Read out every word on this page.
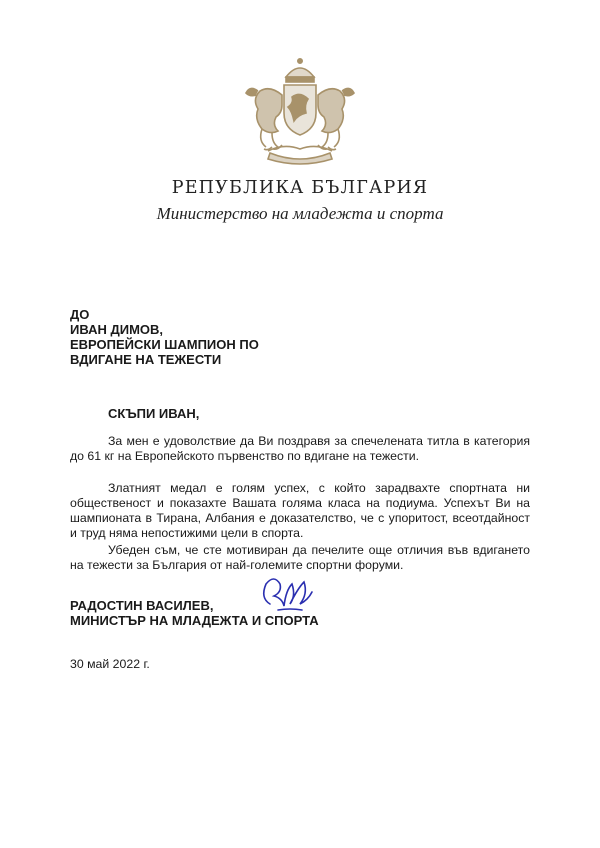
РЕПУБЛИКА БЪЛГАРИЯ
Министерство на младежта и спорта
ДО
ИВАН ДИМОВ,
ЕВРОПЕЙСКИ ШАМПИОН ПО
ВДИГАНЕ НА ТЕЖЕСТИ
СКЪПИ ИВАН,

За мен е удоволствие да Ви поздравя за спечелената титла в категория до 61 кг на Европейското първенство по вдигане на тежести.

Златният медал е голям успех, с който зарадвахте спортната ни общественост и показахте Вашата голяма класа на подиума. Успехът Ви на шампионата в Тирана, Албания е доказателство, че с упоритост, всеотдайност и труд няма непостижими цели в спорта.

Убеден съм, че сте мотивиран да печелите още отличия във вдигането на тежести за България от най-големите спортни форуми.

РАДОСТИН ВАСИЛЕВ,
МИНИСТЪР НА МЛАДЕЖТА И СПОРТА
30 май 2022 г.
